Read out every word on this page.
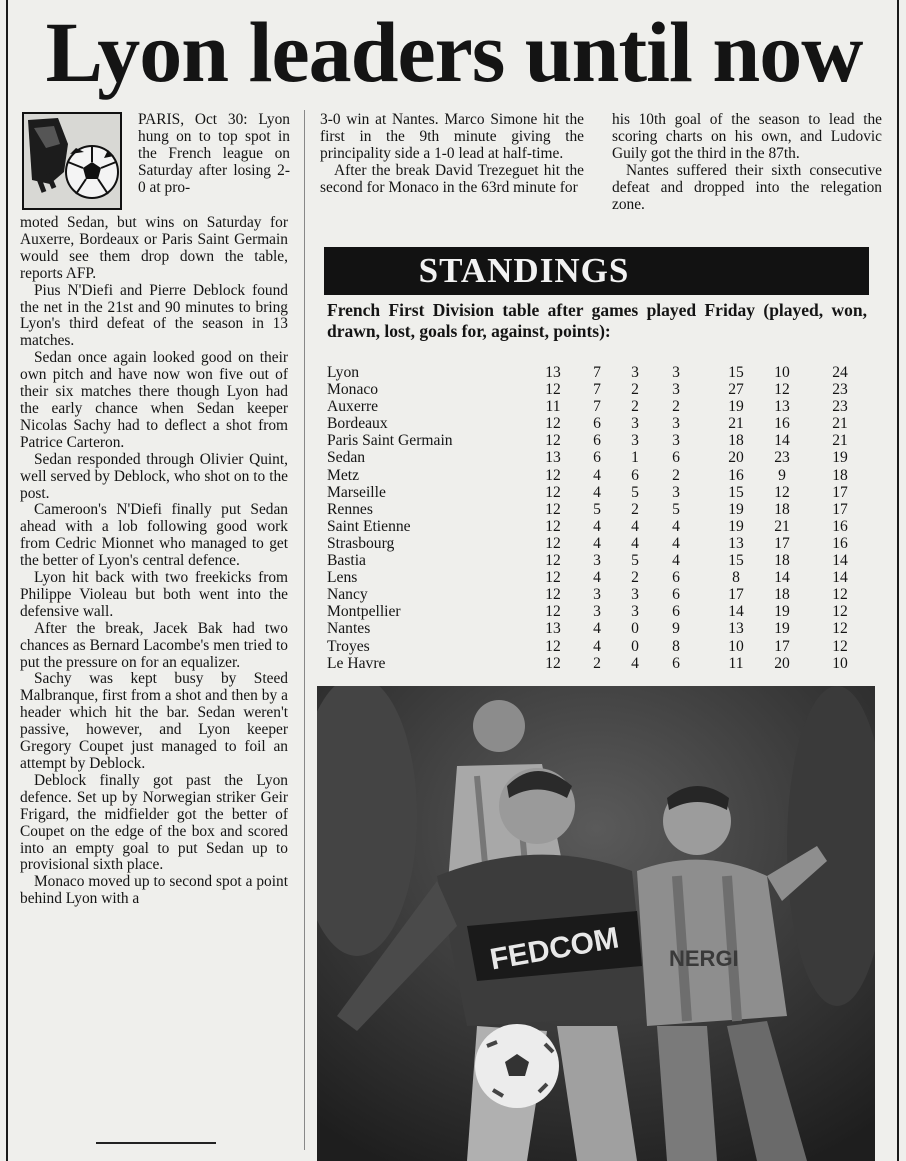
Lyon leaders until now

PARIS, Oct 30: Lyon hung on to top spot in the French league on Saturday after losing 2-0 at pro-

moted Sedan, but wins on Saturday for Auxerre, Bordeaux or Paris Saint Germain would see them drop down the table, reports AFP.

Pius N'Diefi and Pierre Deblock found the net in the 21st and 90 minutes to bring Lyon's third defeat of the season in 13 matches.

Sedan once again looked good on their own pitch and have now won five out of their six matches there though Lyon had the early chance when Sedan keeper Nicolas Sachy had to deflect a shot from Patrice Carteron.

Sedan responded through Olivier Quint, well served by Deblock, who shot on to the post.

Cameroon's N'Diefi finally put Sedan ahead with a lob following good work from Cedric Mionnet who managed to get the better of Lyon's central defence.

Lyon hit back with two freekicks from Philippe Violeau but both went into the defensive wall.

After the break, Jacek Bak had two chances as Bernard Lacombe's men tried to put the pressure on for an equalizer.

Sachy was kept busy by Steed Malbranque, first from a shot and then by a header which hit the bar. Sedan weren't passive, however, and Lyon keeper Gregory Coupet just managed to foil an attempt by Deblock.

Deblock finally got past the Lyon defence. Set up by Norwegian striker Geir Frigard, the midfielder got the better of Coupet on the edge of the box and scored into an empty goal to put Sedan up to provisional sixth place.

Monaco moved up to second spot a point behind Lyon with a

3-0 win at Nantes. Marco Simone hit the first in the 9th minute giving the principality side a 1-0 lead at half-time.

After the break David Trezeguet hit the second for Monaco in the 63rd minute for

his 10th goal of the season to lead the scoring charts on his own, and Ludovic Guily got the third in the 87th.

Nantes suffered their sixth consecutive defeat and dropped into the relegation zone.

STANDINGS
French First Division table after games played Friday (played, won, drawn, lost, goals for, against, points):
Lyon	13	7	3	3	15	10	24
Monaco	12	7	2	3	27	12	23
Auxerre	11	7	2	2	19	13	23
Bordeaux	12	6	3	3	21	16	21
Paris Saint Germain	12	6	3	3	18	14	21
Sedan	13	6	1	6	20	23	19
Metz	12	4	6	2	16	9	18
Marseille	12	4	5	3	15	12	17
Rennes	12	5	2	5	19	18	17
Saint Etienne	12	4	4	4	19	21	16
Strasbourg	12	4	4	4	13	17	16
Bastia	12	3	5	4	15	18	14
Lens	12	4	2	6	8	14	14
Nancy	12	3	3	6	17	18	12
Montpellier	12	3	3	6	14	19	12
Nantes	13	4	0	9	13	19	12
Troyes	12	4	0	8	10	17	12
Le Havre	12	2	4	6	11	20	10
FEDCOM NERGI
